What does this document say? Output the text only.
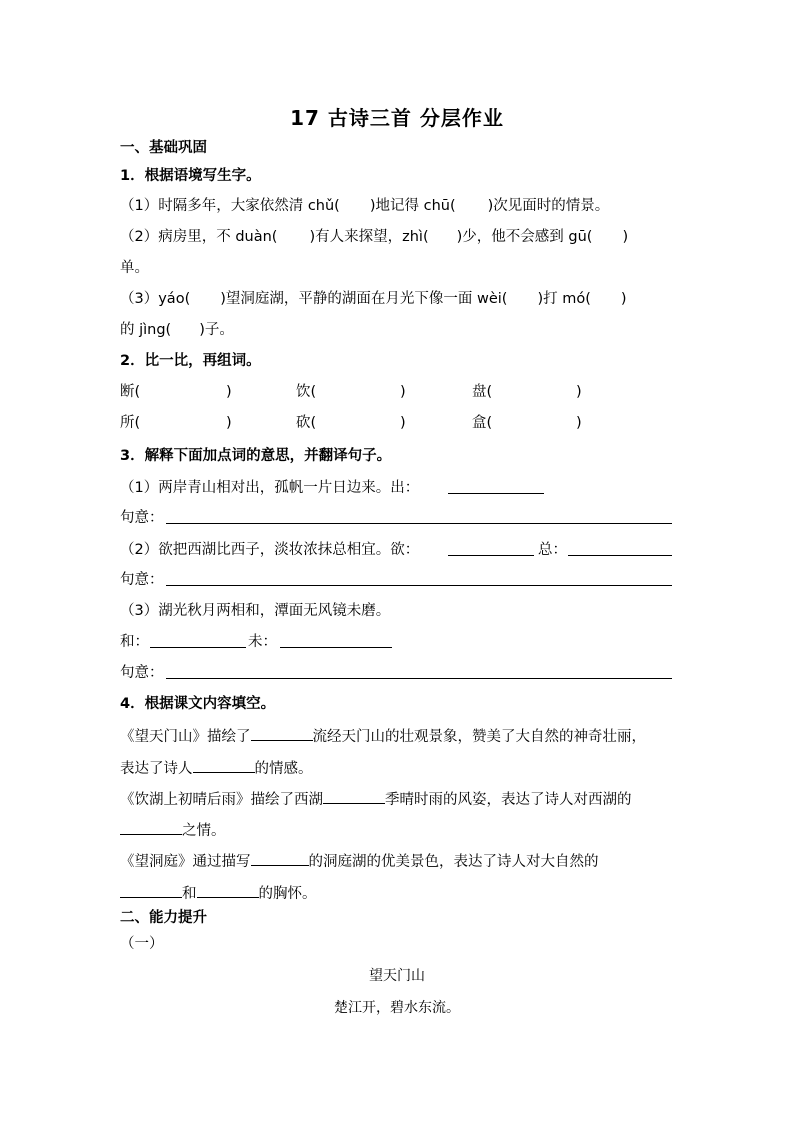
17 古诗三首 分层作业
一、基础巩固
1．根据语境写生字。
（1）时隔多年，大家依然清 chǔ( )地记得 chū( )次见面时的情景。
（2）病房里，不 duàn( )有人来探望，zhì( )少，他不会感到 gū( )
单。
（3）yáo( )望洞庭湖，平静的湖面在月光下像一面 wèi( )打 mó( )
的 jìng( )子。
2．比一比，再组词。
断(	)	饮(	)	盘(	)
所(	)	砍(	)	盒(	)
3．解释下面加点词的意思，并翻译句子。
（1）两岸青山相对出，孤帆一片日边来。出：
句意：
（2）欲把西湖比西子，淡妆浓抹总相宜。欲：	总：
句意：
（3）湖光秋月两相和，潭面无风镜未磨。
和：	未：
句意：
4．根据课文内容填空。
《望天门山》描绘了	流经天门山的壮观景象，赞美了大自然的神奇壮丽，
表达了诗人	的情感。
《饮湖上初晴后雨》描绘了西湖	季晴时雨的风姿，表达了诗人对西湖的
之情。
《望洞庭》通过描写	的洞庭湖的优美景色，表达了诗人对大自然的
和	的胸怀。
二、能力提升
（一）
望天门山
楚江开，碧水东流。
